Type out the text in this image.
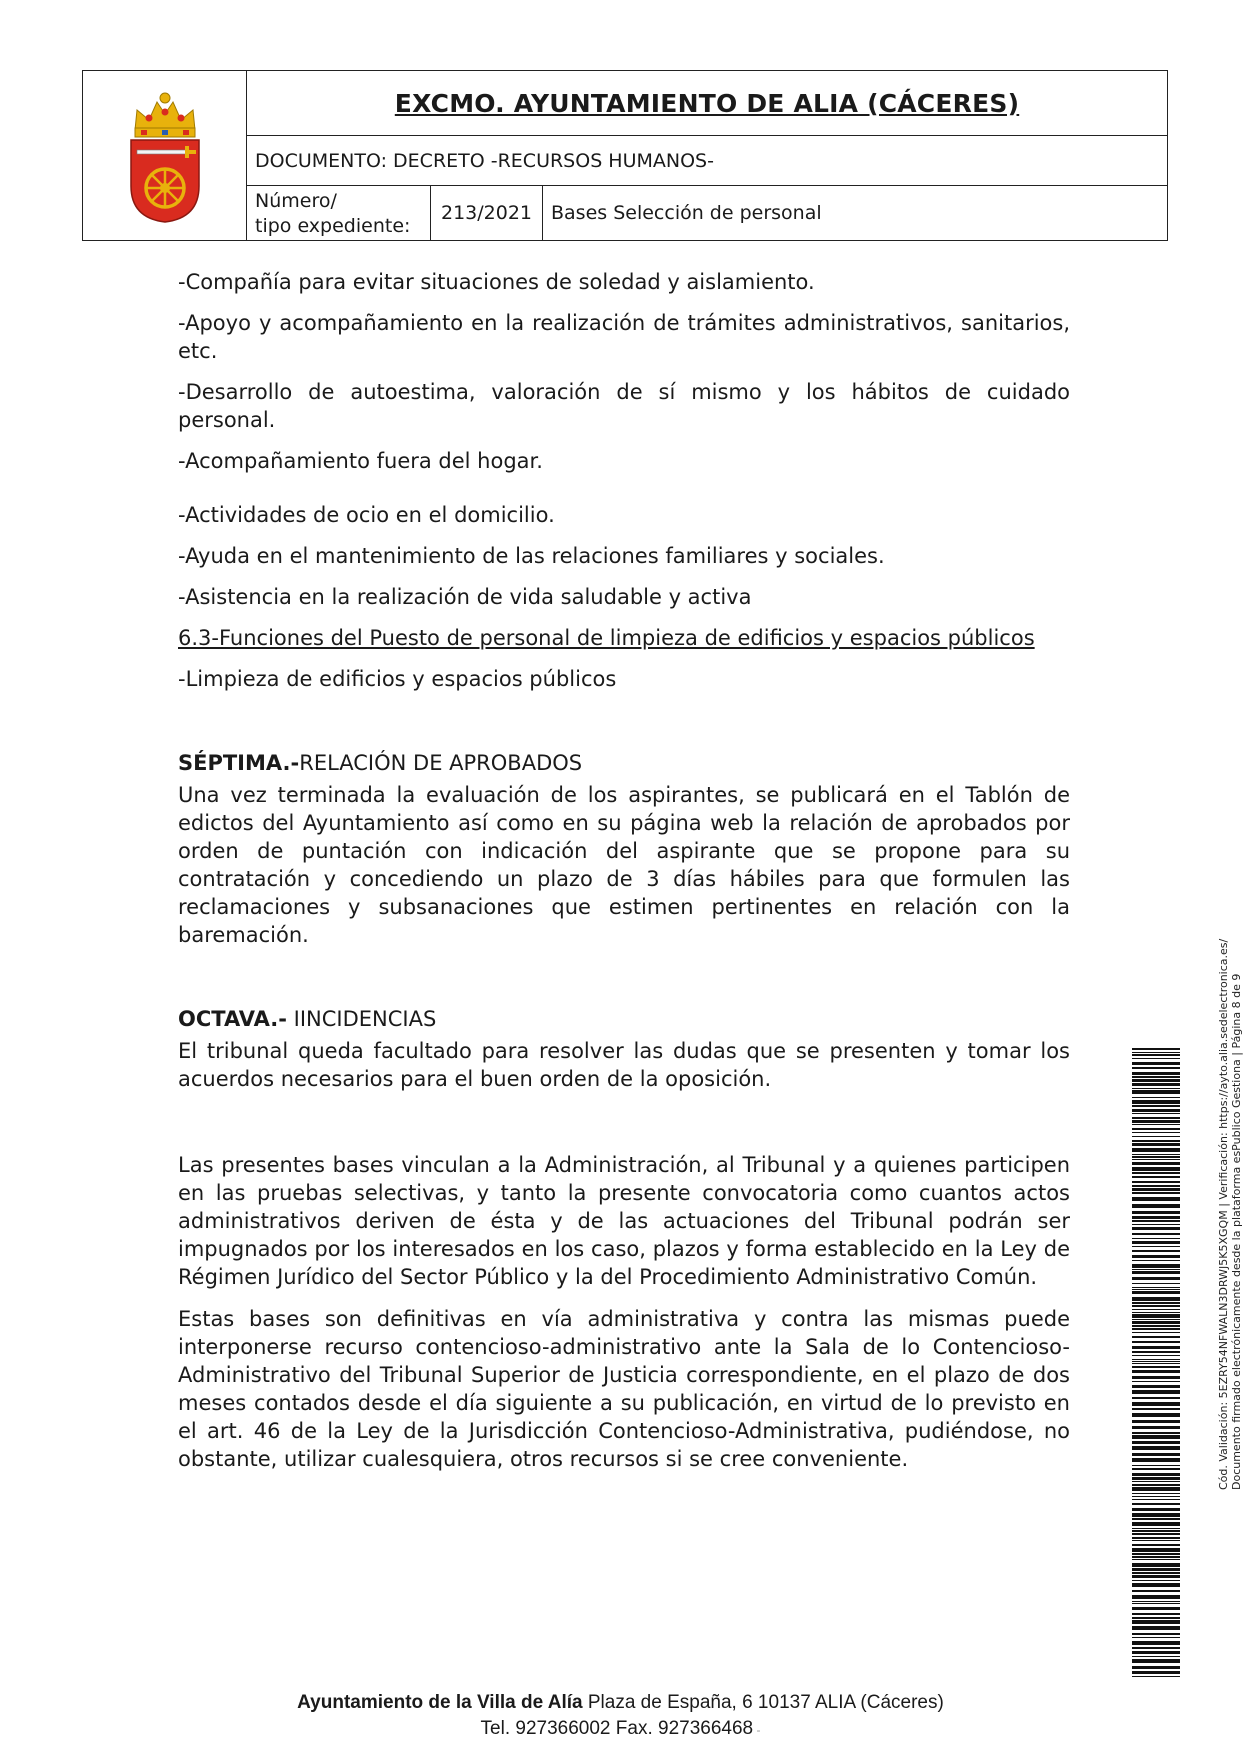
EXCMO. AYUNTAMIENTO DE ALIA (CÁCERES)
DOCUMENTO: DECRETO -RECURSOS HUMANOS-
Número/
tipo expediente:
213/2021 Bases Selección de personal

-Compañía para evitar situaciones de soledad y aislamiento.

-Apoyo y acompañamiento en la realización de trámites administrativos, sanitarios, etc.

-Desarrollo de autoestima, valoración de sí mismo y los hábitos de cuidado personal.

-Acompañamiento fuera del hogar.

-Actividades de ocio en el domicilio.

-Ayuda en el mantenimiento de las relaciones familiares y sociales.

-Asistencia en la realización de vida saludable y activa

6.3-Funciones del Puesto de personal de limpieza de edificios y espacios públicos

-Limpieza de edificios y espacios públicos

SÉPTIMA.-RELACIÓN DE APROBADOS

Una vez terminada la evaluación de los aspirantes, se publicará en el Tablón de edictos del Ayuntamiento así como en su página web la relación de aprobados por orden de puntación con indicación del aspirante que se propone para su contratación y concediendo un plazo de 3 días hábiles para que formulen las reclamaciones y subsanaciones que estimen pertinentes en relación con la baremación.

OCTAVA.- IINCIDENCIAS

El tribunal queda facultado para resolver las dudas que se presenten y tomar los acuerdos necesarios para el buen orden de la oposición.

Las presentes bases vinculan a la Administración, al Tribunal y a quienes participen en las pruebas selectivas, y tanto la presente convocatoria como cuantos actos administrativos deriven de ésta y de las actuaciones del Tribunal podrán ser impugnados por los interesados en los caso, plazos y forma establecido en la Ley de Régimen Jurídico del Sector Público y la del Procedimiento Administrativo Común.

Estas bases son definitivas en vía administrativa y contra las mismas puede interponerse recurso contencioso-administrativo ante la Sala de lo Contencioso-Administrativo del Tribunal Superior de Justicia correspondiente, en el plazo de dos meses contados desde el día siguiente a su publicación, en virtud de lo previsto en el art. 46 de la Ley de la Jurisdicción Contencioso-Administrativa, pudiéndose, no obstante, utilizar cualesquiera, otros recursos si se cree conveniente.	Cód. Validación: 5EZRY54NFWALN3DRWJ5K5XGQM | Verificación: https://ayto.alia.sedelectronica.es/ Documento firmado electrónicamente desde la plataforma esPublico Gestiona | Página 8 de 9
Ayuntamiento de la Villa de Alía Plaza de España, 6 10137 ALIA (Cáceres)
Tel. 927366002 Fax. 927366468 -
